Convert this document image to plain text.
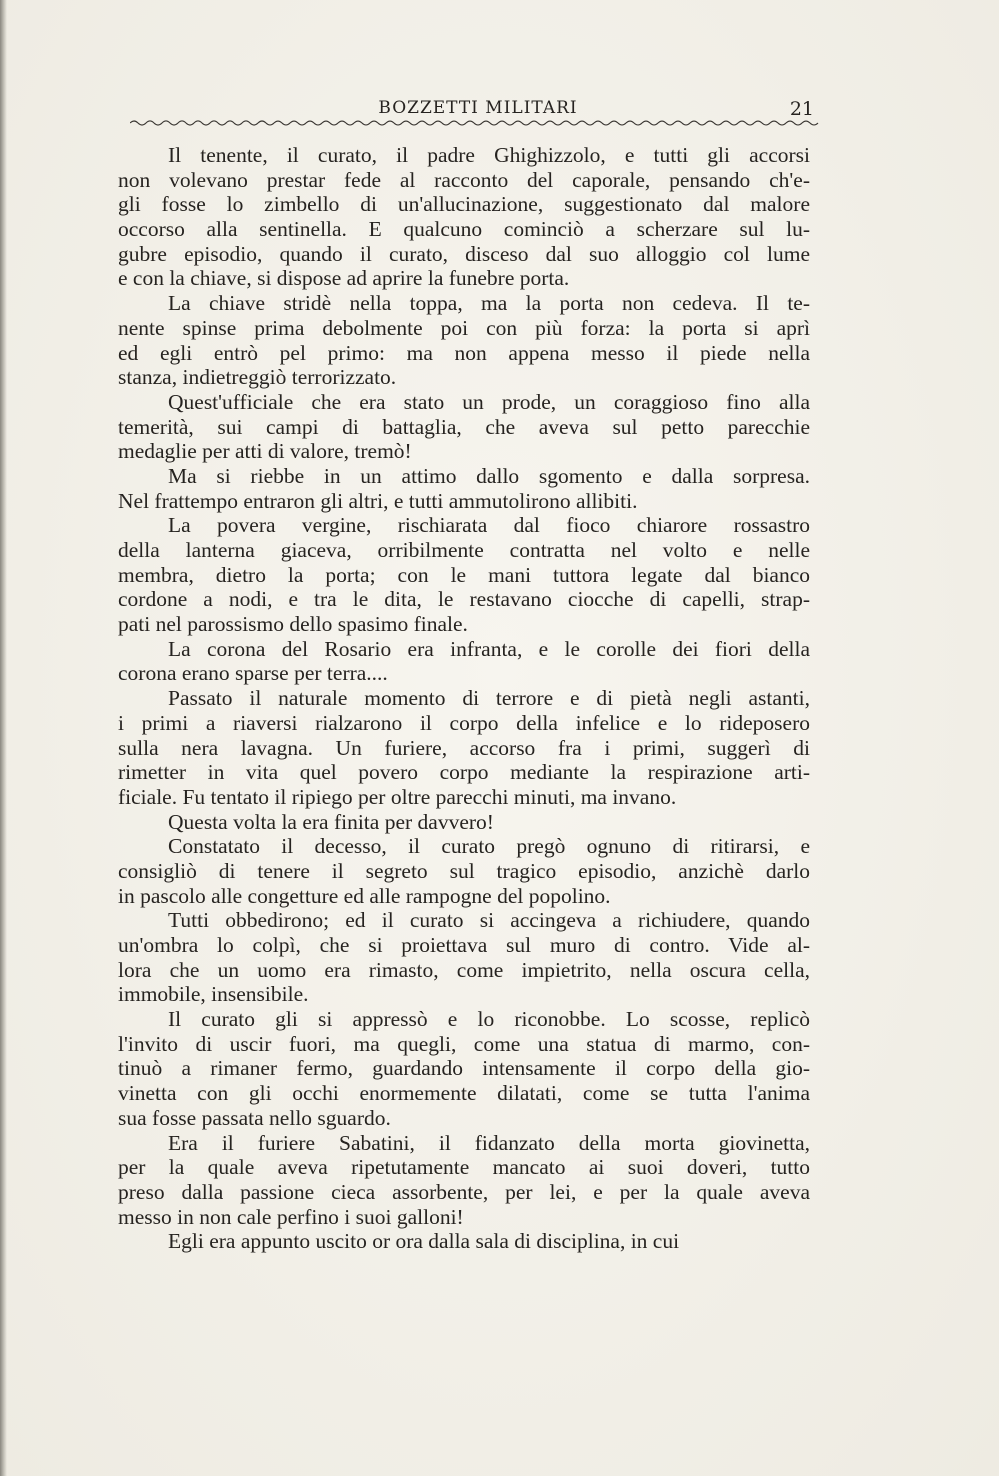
BOZZETTI MILITARI	21

Il tenente, il curato, il padre Ghighizzolo, e tutti gli accorsi
non volevano prestar fede al racconto del caporale, pensando ch'e-
gli fosse lo zimbello di un'allucinazione, suggestionato dal malore
occorso alla sentinella. E qualcuno cominciò a scherzare sul lu-
gubre episodio, quando il curato, disceso dal suo alloggio col lume
e con la chiave, si dispose ad aprire la funebre porta.

La chiave stridè nella toppa, ma la porta non cedeva. Il te-
nente spinse prima debolmente poi con più forza: la porta si aprì
ed egli entrò pel primo: ma non appena messo il piede nella
stanza, indietreggiò terrorizzato.

Quest'ufficiale che era stato un prode, un coraggioso fino alla
temerità, sui campi di battaglia, che aveva sul petto parecchie
medaglie per atti di valore, tremò!

Ma si riebbe in un attimo dallo sgomento e dalla sorpresa.
Nel frattempo entraron gli altri, e tutti ammutolirono allibiti.

La povera vergine, rischiarata dal fioco chiarore rossastro
della lanterna giaceva, orribilmente contratta nel volto e nelle
membra, dietro la porta; con le mani tuttora legate dal bianco
cordone a nodi, e tra le dita, le restavano ciocche di capelli, strap-
pati nel parossismo dello spasimo finale.

La corona del Rosario era infranta, e le corolle dei fiori della
corona erano sparse per terra....

Passato il naturale momento di terrore e di pietà negli astanti,
i primi a riaversi rialzarono il corpo della infelice e lo rideposero
sulla nera lavagna. Un furiere, accorso fra i primi, suggerì di
rimetter in vita quel povero corpo mediante la respirazione arti-
ficiale. Fu tentato il ripiego per oltre parecchi minuti, ma invano.

Questa volta la era finita per davvero!

Constatato il decesso, il curato pregò ognuno di ritirarsi, e
consigliò di tenere il segreto sul tragico episodio, anzichè darlo
in pascolo alle congetture ed alle rampogne del popolino.

Tutti obbedirono; ed il curato si accingeva a richiudere, quando
un'ombra lo colpì, che si proiettava sul muro di contro. Vide al-
lora che un uomo era rimasto, come impietrito, nella oscura cella,
immobile, insensibile.

Il curato gli si appressò e lo riconobbe. Lo scosse, replicò
l'invito di uscir fuori, ma quegli, come una statua di marmo, con-
tinuò a rimaner fermo, guardando intensamente il corpo della gio-
vinetta con gli occhi enormemente dilatati, come se tutta l'anima
sua fosse passata nello sguardo.

Era il furiere Sabatini, il fidanzato della morta giovinetta,
per la quale aveva ripetutamente mancato ai suoi doveri, tutto
preso dalla passione cieca assorbente, per lei, e per la quale aveva
messo in non cale perfino i suoi galloni!

Egli era appunto uscito or ora dalla sala di disciplina, in cui
